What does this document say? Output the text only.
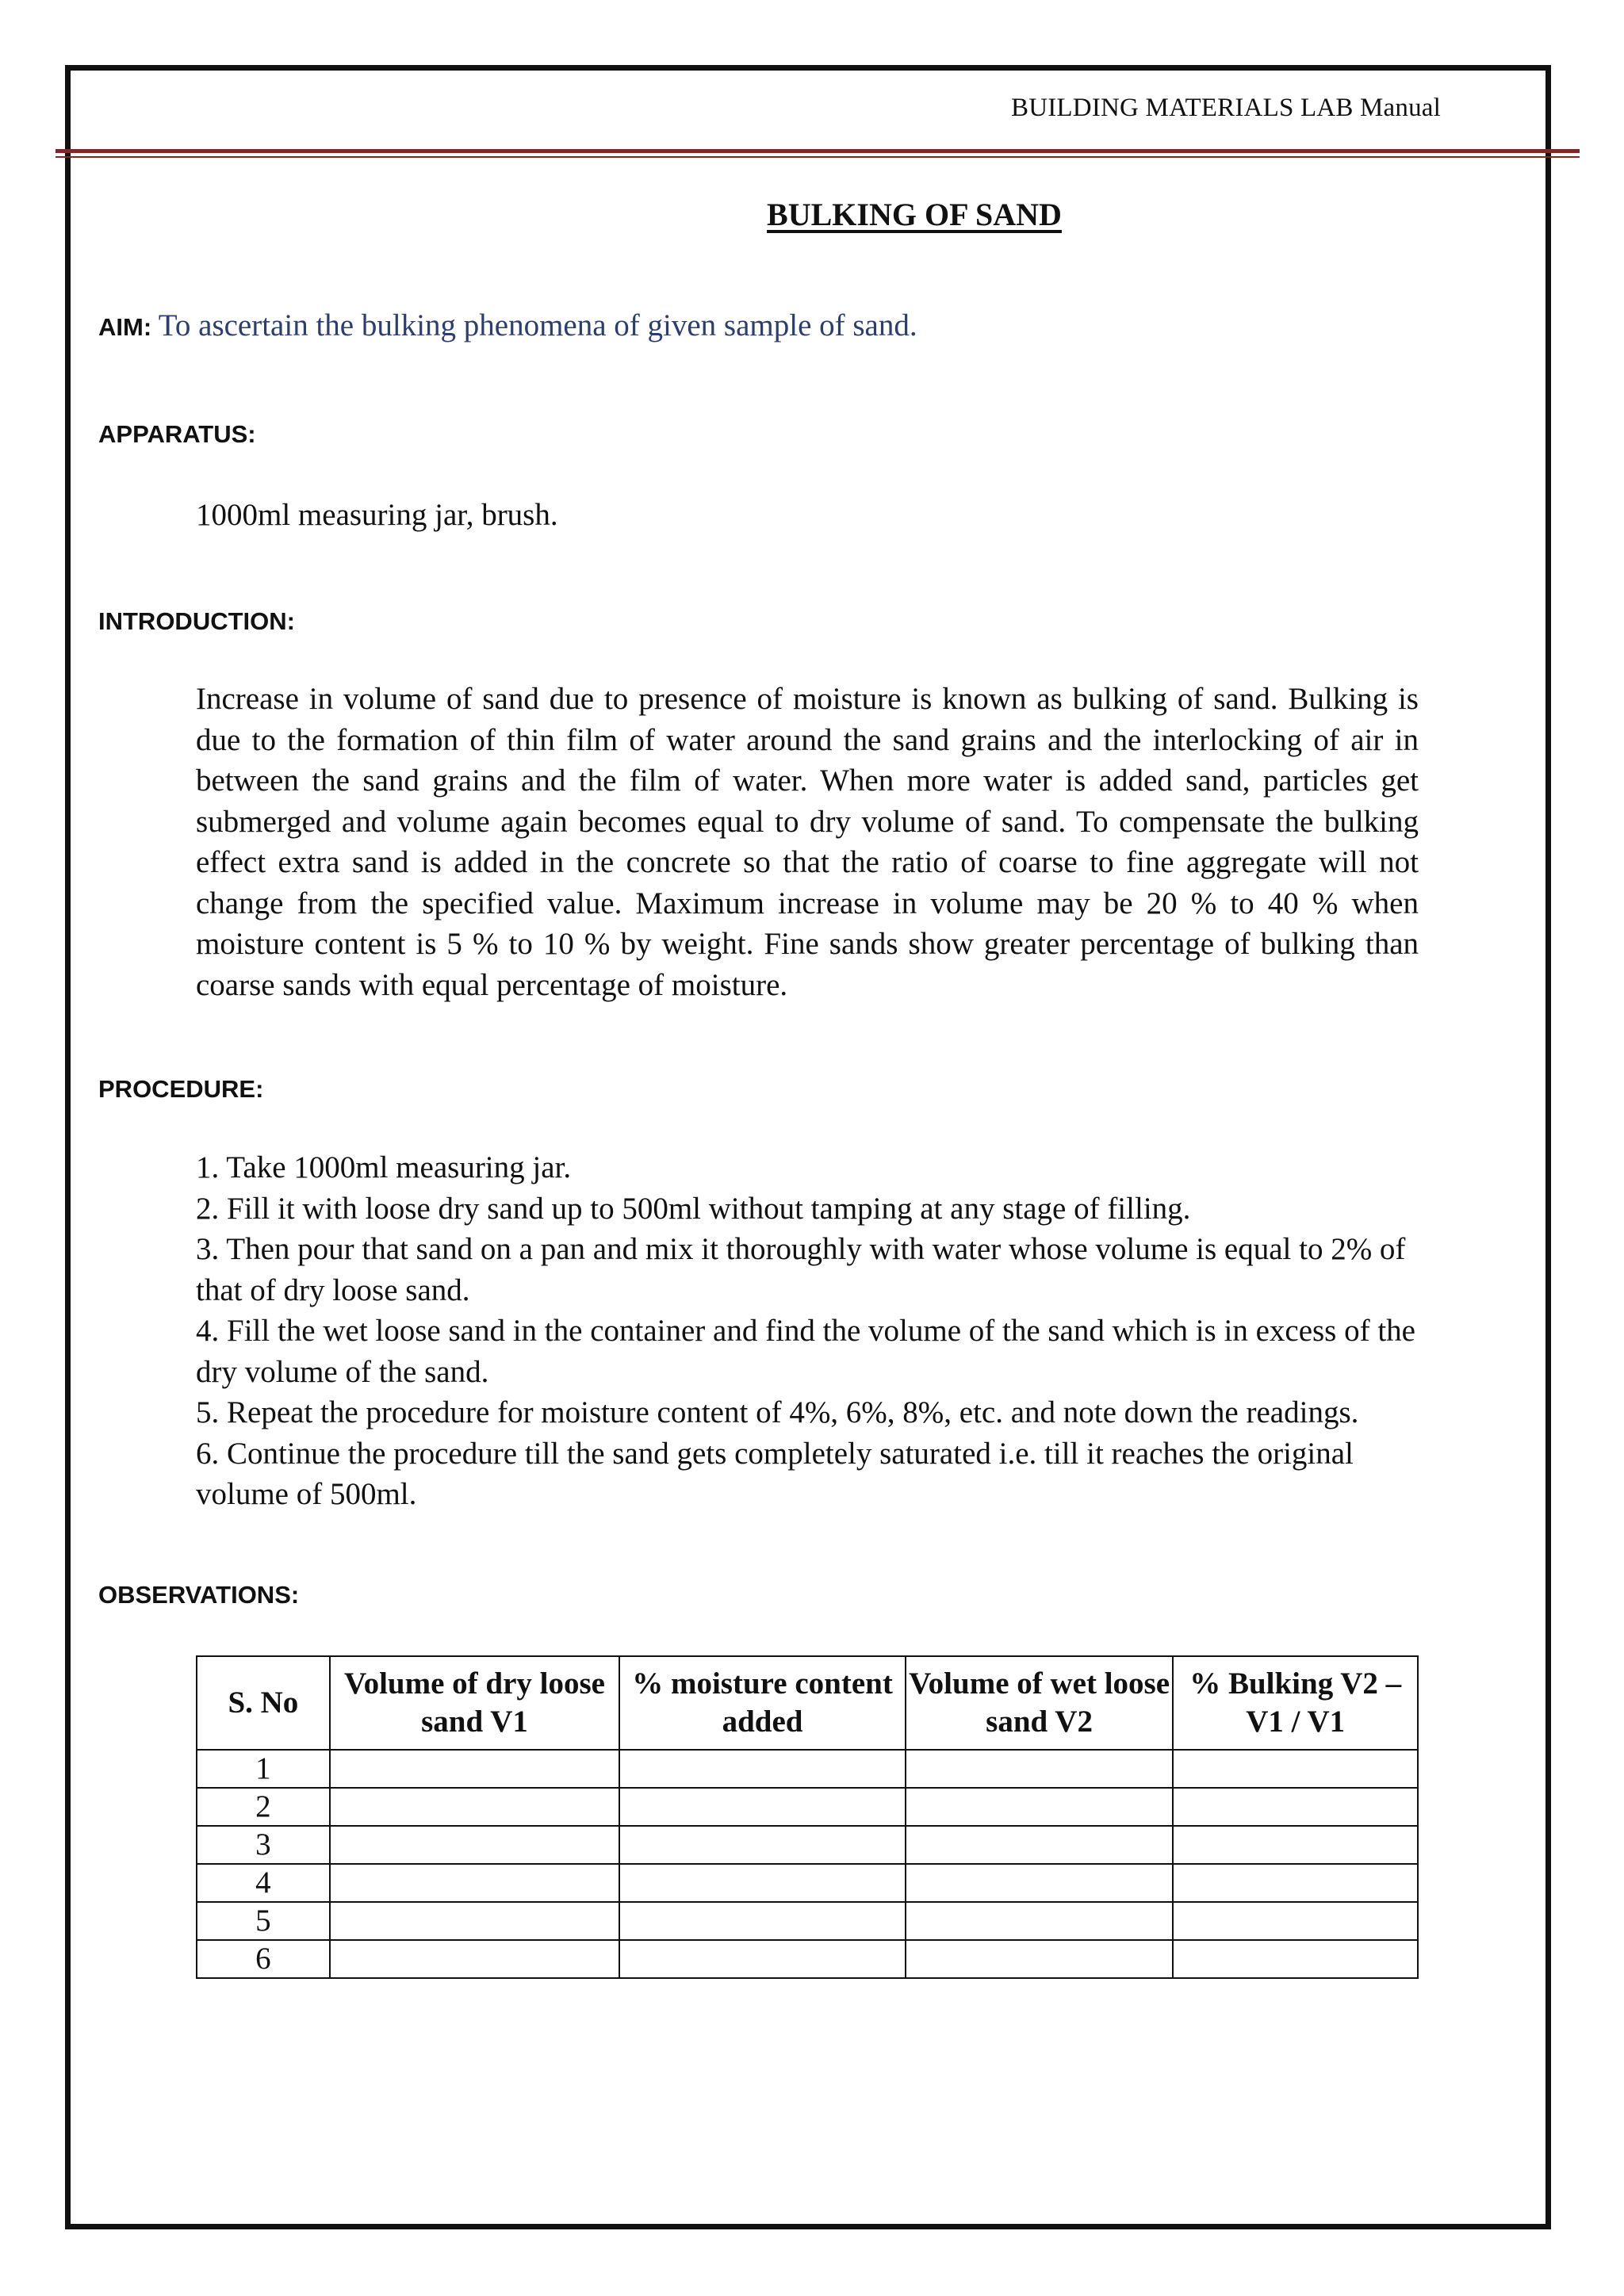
BUILDING MATERIALS LAB Manual
BULKING OF SAND
AIM: To ascertain the bulking phenomena of given sample of sand.
APPARATUS:
1000ml measuring jar, brush.
INTRODUCTION:
Increase in volume of sand due to presence of moisture is known as bulking of sand. Bulking is due to the formation of thin film of water around the sand grains and the interlocking of air in between the sand grains and the film of water. When more water is added sand, particles get submerged and volume again becomes equal to dry volume of sand. To compensate the bulking effect extra sand is added in the concrete so that the ratio of coarse to fine aggregate will not change from the specified value. Maximum increase in volume may be 20 % to 40 % when moisture content is 5 % to 10 % by weight. Fine sands show greater percentage of bulking than coarse sands with equal percentage of moisture.
PROCEDURE:
1. Take 1000ml measuring jar.
2. Fill it with loose dry sand up to 500ml without tamping at any stage of filling.
3. Then pour that sand on a pan and mix it thoroughly with water whose volume is equal to 2% of that of dry loose sand.
4. Fill the wet loose sand in the container and find the volume of the sand which is in excess of the dry volume of the sand.
5. Repeat the procedure for moisture content of 4%, 6%, 8%, etc. and note down the readings.
6. Continue the procedure till the sand gets completely saturated i.e. till it reaches the original volume of 500ml.
OBSERVATIONS:
S. No	Volume of dry loose sand V1	% moisture content added	Volume of wet loose sand V2	% Bulking V2 – V1 / V1
1				
2				
3				
4				
5				
6				
